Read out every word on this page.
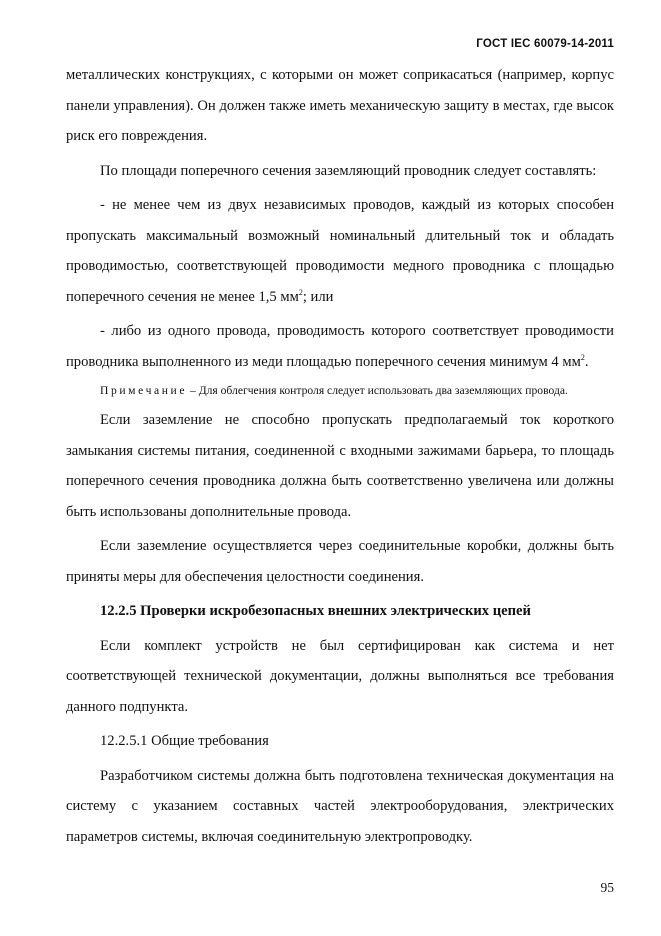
ГОСТ IEC 60079-14-2011

металлических конструкциях, с которыми он может соприкасаться (например, корпус панели управления). Он должен также иметь механическую защиту в местах, где высок риск его повреждения.

По площади поперечного сечения заземляющий проводник следует составлять:

- не менее чем из двух независимых проводов, каждый из которых способен пропускать максимальный возможный номинальный длительный ток и обладать проводимостью, соответствующей проводимости медного проводника с площадью поперечного сечения не менее 1,5 $мм^2$; или

- либо из одного провода, проводимость которого соответствует проводимости проводника выполненного из меди площадью поперечного сечения минимум 4 $мм^2$.

Примечание – Для облегчения контроля следует использовать два заземляющих провода.

Если заземление не способно пропускать предполагаемый ток короткого замыкания системы питания, соединенной с входными зажимами барьера, то площадь поперечного сечения проводника должна быть соответственно увеличена или должны быть использованы дополнительные провода.

Если заземление осуществляется через соединительные коробки, должны быть приняты меры для обеспечения целостности соединения.

12.2.5 Проверки искробезопасных внешних электрических цепей

Если комплект устройств не был сертифицирован как система и нет соответствующей технической документации, должны выполняться все требования данного подпункта.

12.2.5.1 Общие требования

Разработчиком системы должна быть подготовлена техническая документация на систему с указанием составных частей электрооборудования, электрических параметров системы, включая соединительную электропроводку.

95
